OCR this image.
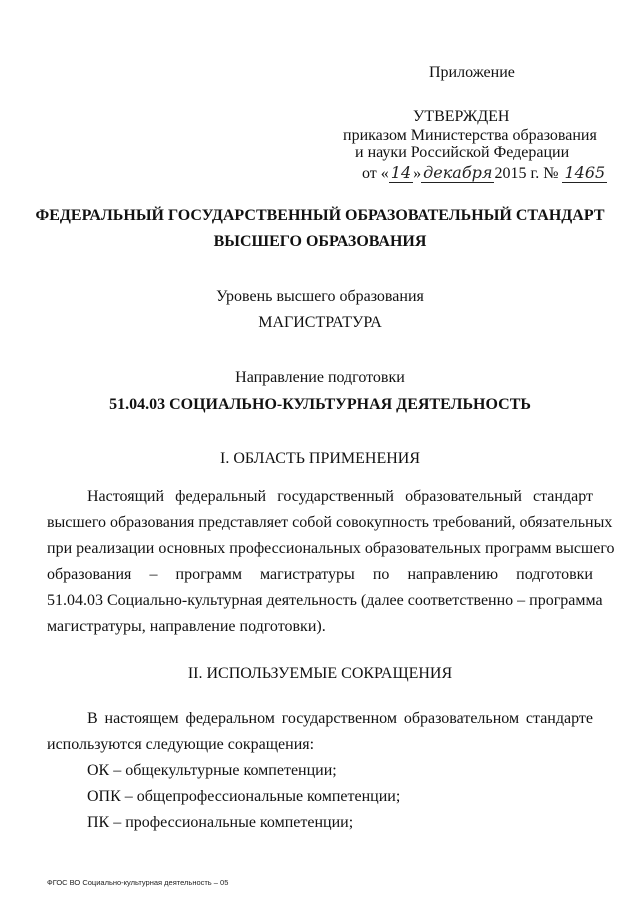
Приложение
УТВЕРЖДЕН
приказом Министерства образования
и науки Российской Федерации
от « 14 » декабря 2015 г. № 1465
ФЕДЕРАЛЬНЫЙ ГОСУДАРСТВЕННЫЙ ОБРАЗОВАТЕЛЬНЫЙ СТАНДАРТ
ВЫСШЕГО ОБРАЗОВАНИЯ
Уровень высшего образования
МАГИСТРАТУРА
Направление подготовки
51.04.03 СОЦИАЛЬНО-КУЛЬТУРНАЯ ДЕЯТЕЛЬНОСТЬ
I. ОБЛАСТЬ ПРИМЕНЕНИЯ
Настоящий федеральный государственный образовательный стандарт
высшего образования представляет собой совокупность требований, обязательных
при реализации основных профессиональных образовательных программ высшего
образования – программ магистратуры по направлению подготовки
51.04.03 Социально-культурная деятельность (далее соответственно – программа
магистратуры, направление подготовки).
II. ИСПОЛЬЗУЕМЫЕ СОКРАЩЕНИЯ
В настоящем федеральном государственном образовательном стандарте
используются следующие сокращения:
ОК – общекультурные компетенции;
ОПК – общепрофессиональные компетенции;
ПК – профессиональные компетенции;
ФГОС ВО Социально-культурная деятельность – 05
